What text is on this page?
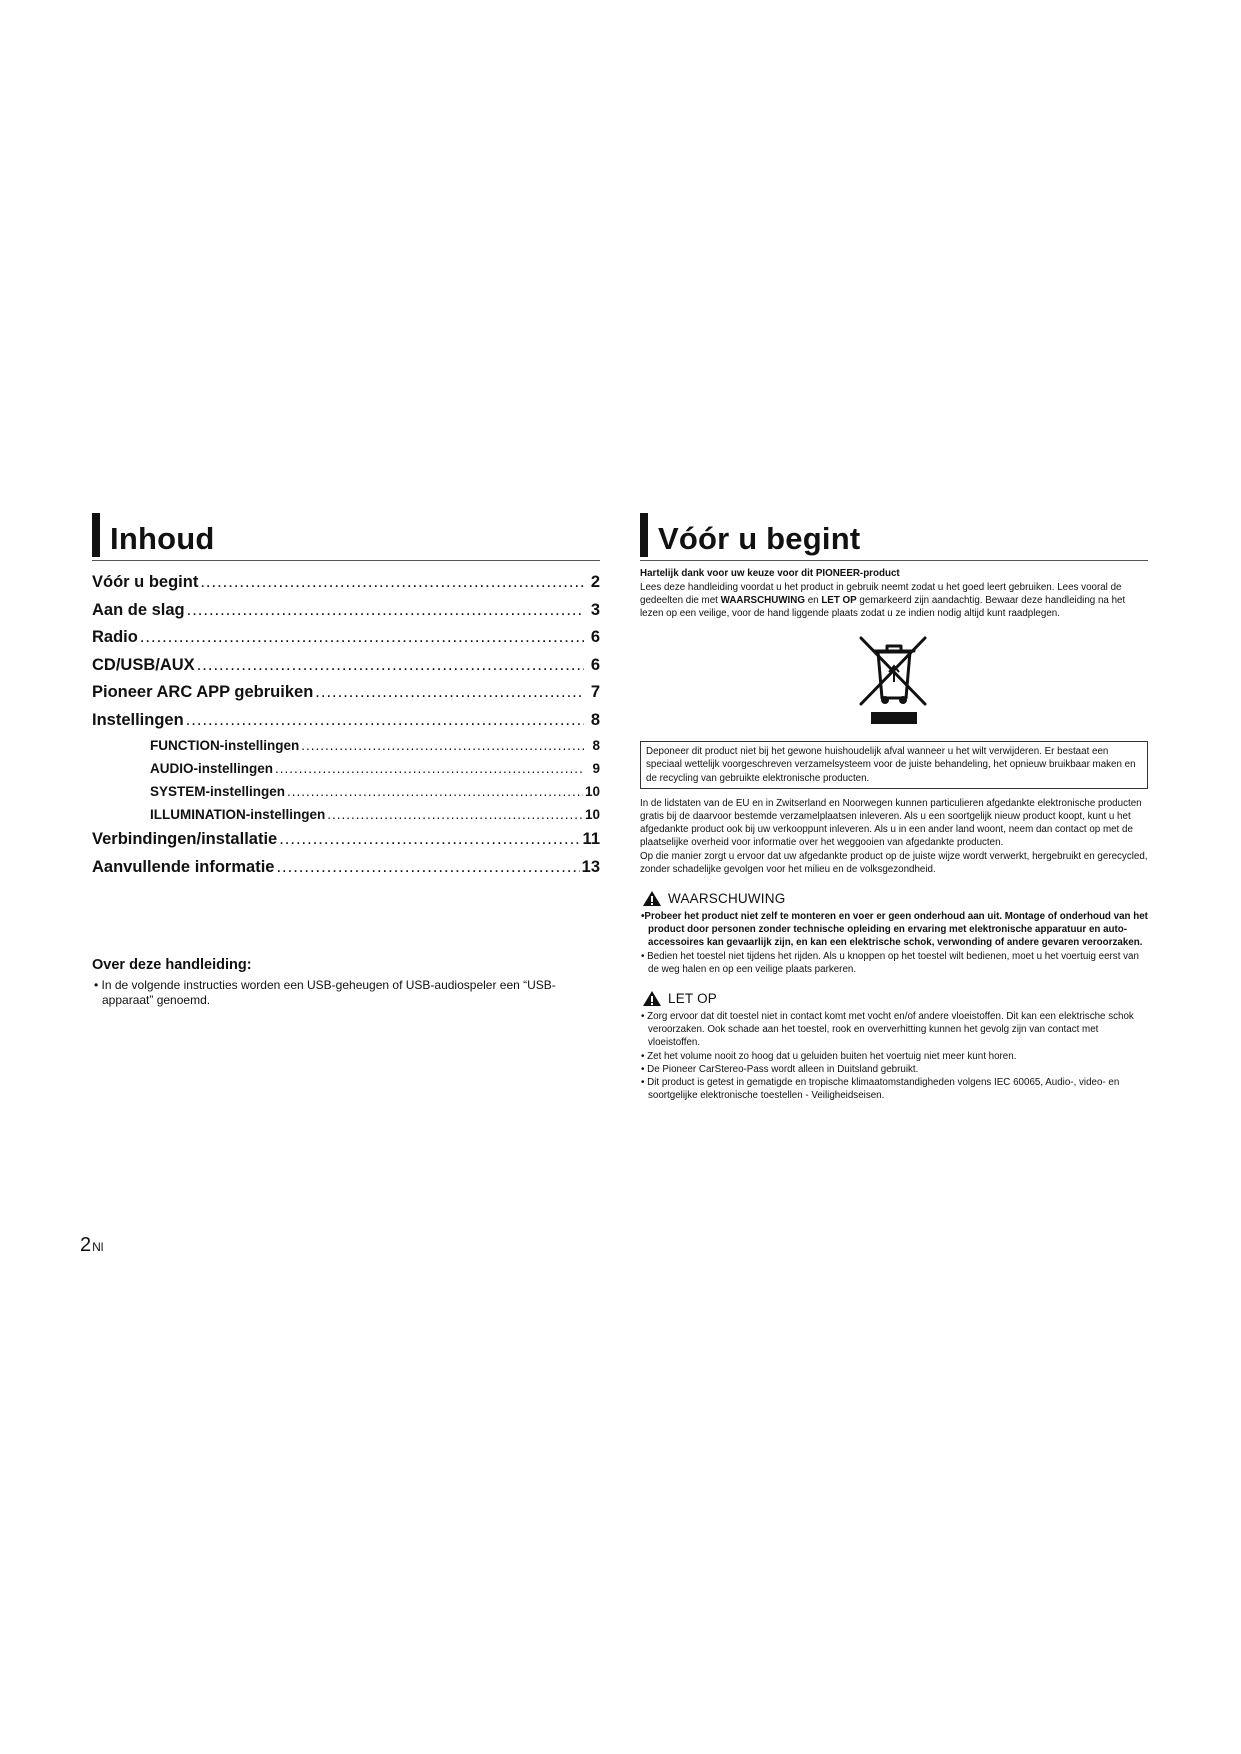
Inhoud
Vóór u begint .....	2
Aan de slag .....	3
Radio .....	6
CD/USB/AUX .....	6
Pioneer ARC APP gebruiken .....	7
Instellingen .....	8
FUNCTION-instellingen .....	8
AUDIO-instellingen .....	9
SYSTEM-instellingen .....	10
ILLUMINATION-instellingen .....	10
Verbindingen/installatie .....	11
Aanvullende informatie .....	13
Over deze handleiding:

• In de volgende instructies worden een USB-geheugen of USB-audiospeler een “USB-apparaat” genoemd.

Vóór u begint

Hartelijk dank voor uw keuze voor dit PIONEER-product

Lees deze handleiding voordat u het product in gebruik neemt zodat u het goed leert gebruiken. Lees vooral de gedeelten die met WAARSCHUWING en LET OP gemarkeerd zijn aandachtig. Bewaar deze handleiding na het lezen op een veilige, voor de hand liggende plaats zodat u ze indien nodig altijd kunt raadplegen.

Deponeer dit product niet bij het gewone huishoudelijk afval wanneer u het wilt verwijderen. Er bestaat een speciaal wettelijk voorgeschreven verzamelsysteem voor de juiste behandeling, het opnieuw bruikbaar maken en de recycling van gebruikte elektronische producten.

In de lidstaten van de EU en in Zwitserland en Noorwegen kunnen particulieren afgedankte elektronische producten gratis bij de daarvoor bestemde verzamelplaatsen inleveren. Als u een soortgelijk nieuw product koopt, kunt u het afgedankte product ook bij uw verkooppunt inleveren. Als u in een ander land woont, neem dan contact op met de plaatselijke overheid voor informatie over het weggooien van afgedankte producten.

Op die manier zorgt u ervoor dat uw afgedankte product op de juiste wijze wordt verwerkt, hergebruikt en gerecycled, zonder schadelijke gevolgen voor het milieu en de volksgezondheid.

WAARSCHUWING

•Probeer het product niet zelf te monteren en voer er geen onderhoud aan uit. Montage of onderhoud van het product door personen zonder technische opleiding en ervaring met elektronische apparatuur en auto-accessoires kan gevaarlijk zijn, en kan een elektrische schok, verwonding of andere gevaren veroorzaken.

• Bedien het toestel niet tijdens het rijden. Als u knoppen op het toestel wilt bedienen, moet u het voertuig eerst van de weg halen en op een veilige plaats parkeren.

LET OP

• Zorg ervoor dat dit toestel niet in contact komt met vocht en/of andere vloeistoffen. Dit kan een elektrische schok veroorzaken. Ook schade aan het toestel, rook en oververhitting kunnen het gevolg zijn van contact met vloeistoffen.

• Zet het volume nooit zo hoog dat u geluiden buiten het voertuig niet meer kunt horen.

• De Pioneer CarStereo-Pass wordt alleen in Duitsland gebruikt.

• Dit product is getest in gematigde en tropische klimaatomstandigheden volgens IEC 60065, Audio-, video- en soortgelijke elektronische toestellen - Veiligheidseisen.

2Nl
